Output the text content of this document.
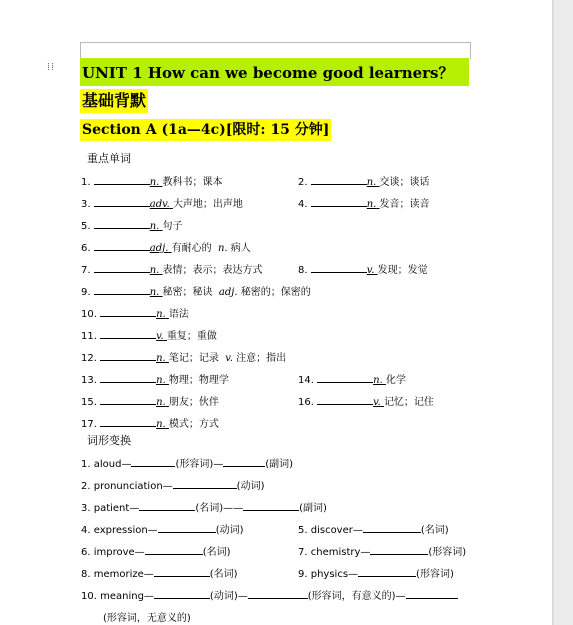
⁞⁞ UNIT 1 How can we become good learners？
基础背默
Section A (1a—4c)[限时: 15 分钟]
重点单词
1.	n. 教科书；课本	2.	n. 交谈；谈话
3.	adv. 大声地；出声地	4.	n. 发音；读音
5.	n. 句子
6.	adj. 有耐心的 n. 病人
7.	n. 表情；表示；表达方式	8.	v. 发现；发觉
9.	n. 秘密；秘诀 adj. 秘密的；保密的
10.	n. 语法
11.	v. 重复；重做
12.	n. 笔记；记录 v. 注意；指出
13.	n. 物理；物理学	14.	n. 化学
15.	n. 朋友；伙伴	16.	v. 记忆；记住
17.	n. 模式；方式
词形变换
1. aloud—	(形容词)—	(副词)
2. pronunciation—	(动词)
3. patient—	(名词)——	(副词)
4. expression—	(动词)	5. discover—	(名词)
6. improve—	(名词)	7. chemistry—	(形容词)
8. memorize—	(名词)	9. physics—	(形容词)
10. meaning—	(动词)—	(形容词，有意义的)—
(形容词，无意义的)
